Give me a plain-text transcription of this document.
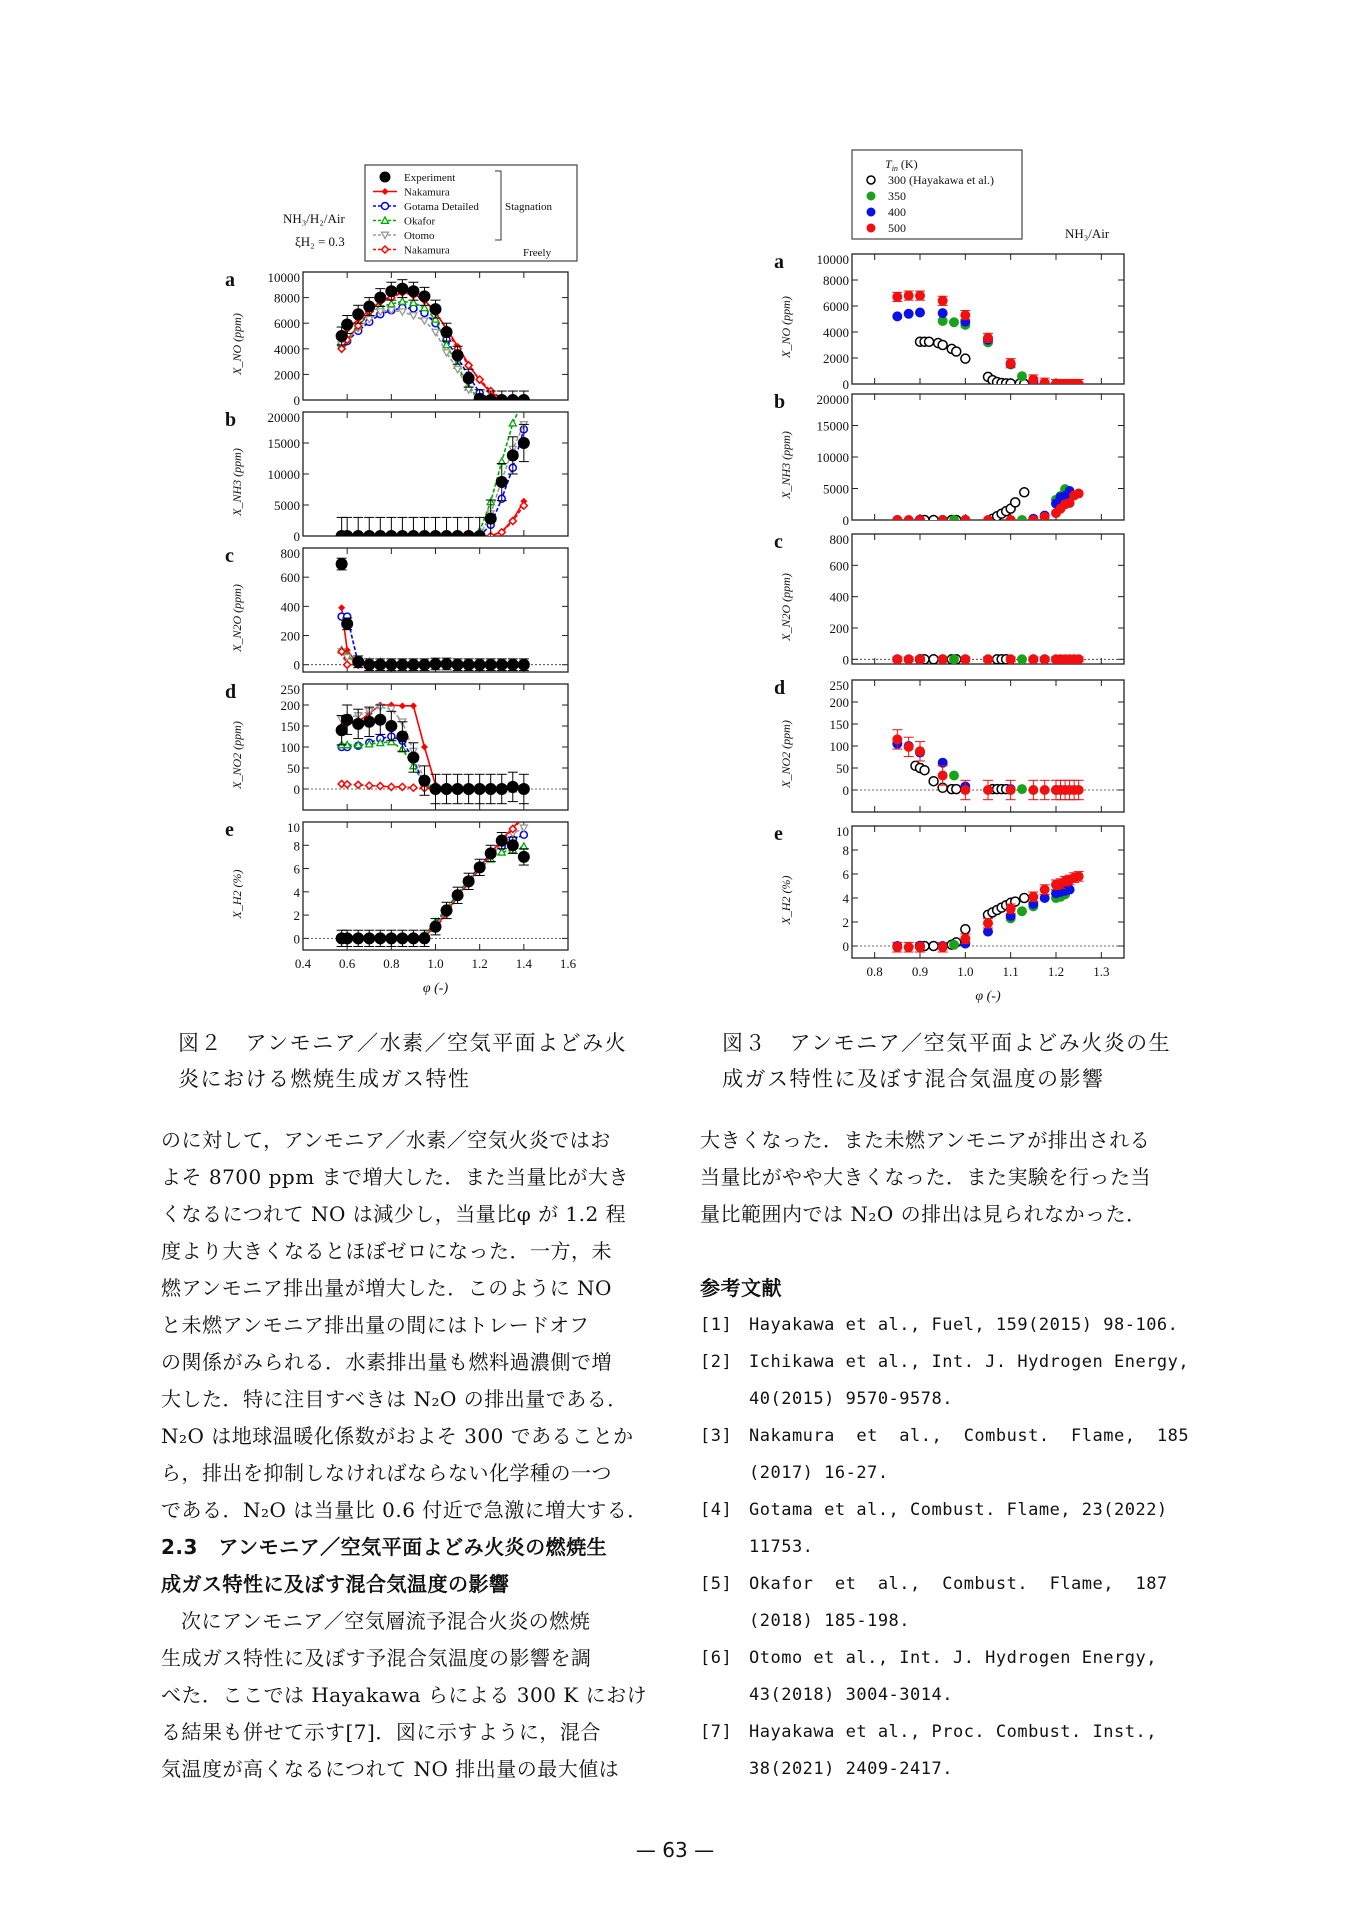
Experiment
Nakamura
Gotama Detailed
Okafor
Otomo
Nakamura
Stagnation
Freely
NH₃/H₂/Air
ξH₂ = 0.3
0
2000
4000
6000
8000
10000
a
X_NO (ppm)
0
5000
10000
15000
20000
b
X_NH3 (ppm)
0
200
400
600
800
c
X_N2O (ppm)
0
50
100
150
200
250
d
X_NO2 (ppm)
0
2
4
6
8
10
0.4 0.6 0.8 1.0 1.2 1.4 1.6
φ (-)
e
X_H2 (%)
$T_{in}$ (K)
300 (Hayakawa et al.)
350
400
500	NH₃/Air
0
2000
4000
6000
8000
10000
a
X_NO (ppm)
0
5000
10000
15000
20000
b
X_NH3 (ppm)
0
200
400
600
800
c
X_N2O (ppm)
0
50
100
150
200
250
d
X_NO2 (ppm)
0
2
4
6
8
10
0.8 0.9 1.0 1.1 1.2 1.3
φ (-)
e
X_H2 (%)
図２　アンモニア／水素／空気平面よどみ火
炎における燃焼生成ガス特性
図３　アンモニア／空気平面よどみ火炎の生
成ガス特性に及ぼす混合気温度の影響
のに対して，アンモニア／水素／空気火炎ではお
よそ 8700 ppm まで増大した．また当量比が大き
くなるにつれて NO は減少し，当量比φ が 1.2 程
度より大きくなるとほぼゼロになった．一方，未
燃アンモニア排出量が増大した．このように NO
と未燃アンモニア排出量の間にはトレードオフ
の関係がみられる．水素排出量も燃料過濃側で増
大した．特に注目すべきは N₂O の排出量である．
N₂O は地球温暖化係数がおよそ 300 であることか
ら，排出を抑制しなければならない化学種の一つ
である．N₂O は当量比 0.6 付近で急激に増大する．
2.3　アンモニア／空気平面よどみ火炎の燃焼生
成ガス特性に及ぼす混合気温度の影響
次にアンモニア／空気層流予混合火炎の燃焼
生成ガス特性に及ぼす予混合気温度の影響を調
べた．ここでは Hayakawa らによる 300 K におけ
る結果も併せて示す[7]．図に示すように，混合
気温度が高くなるにつれて NO 排出量の最大値は
大きくなった．また未燃アンモニアが排出される
当量比がやや大きくなった．また実験を行った当
量比範囲内では N₂O の排出は見られなかった．
参考文献
[1] Hayakawa et al., Fuel, 159(2015) 98-106.
[2] Ichikawa et al., Int. J. Hydrogen Energy,
40(2015) 9570-9578.
[3] Nakamura  et  al.,  Combust.  Flame,  185
(2017) 16-27.
[4] Gotama et al., Combust. Flame, 23(2022)
11753.
[5] Okafor  et  al.,  Combust.  Flame,  187
(2018) 185-198.
[6] Otomo et al., Int. J. Hydrogen Energy,
43(2018) 3004-3014.
[7] Hayakawa et al., Proc. Combust. Inst.,
38(2021) 2409-2417.
— 63 —
